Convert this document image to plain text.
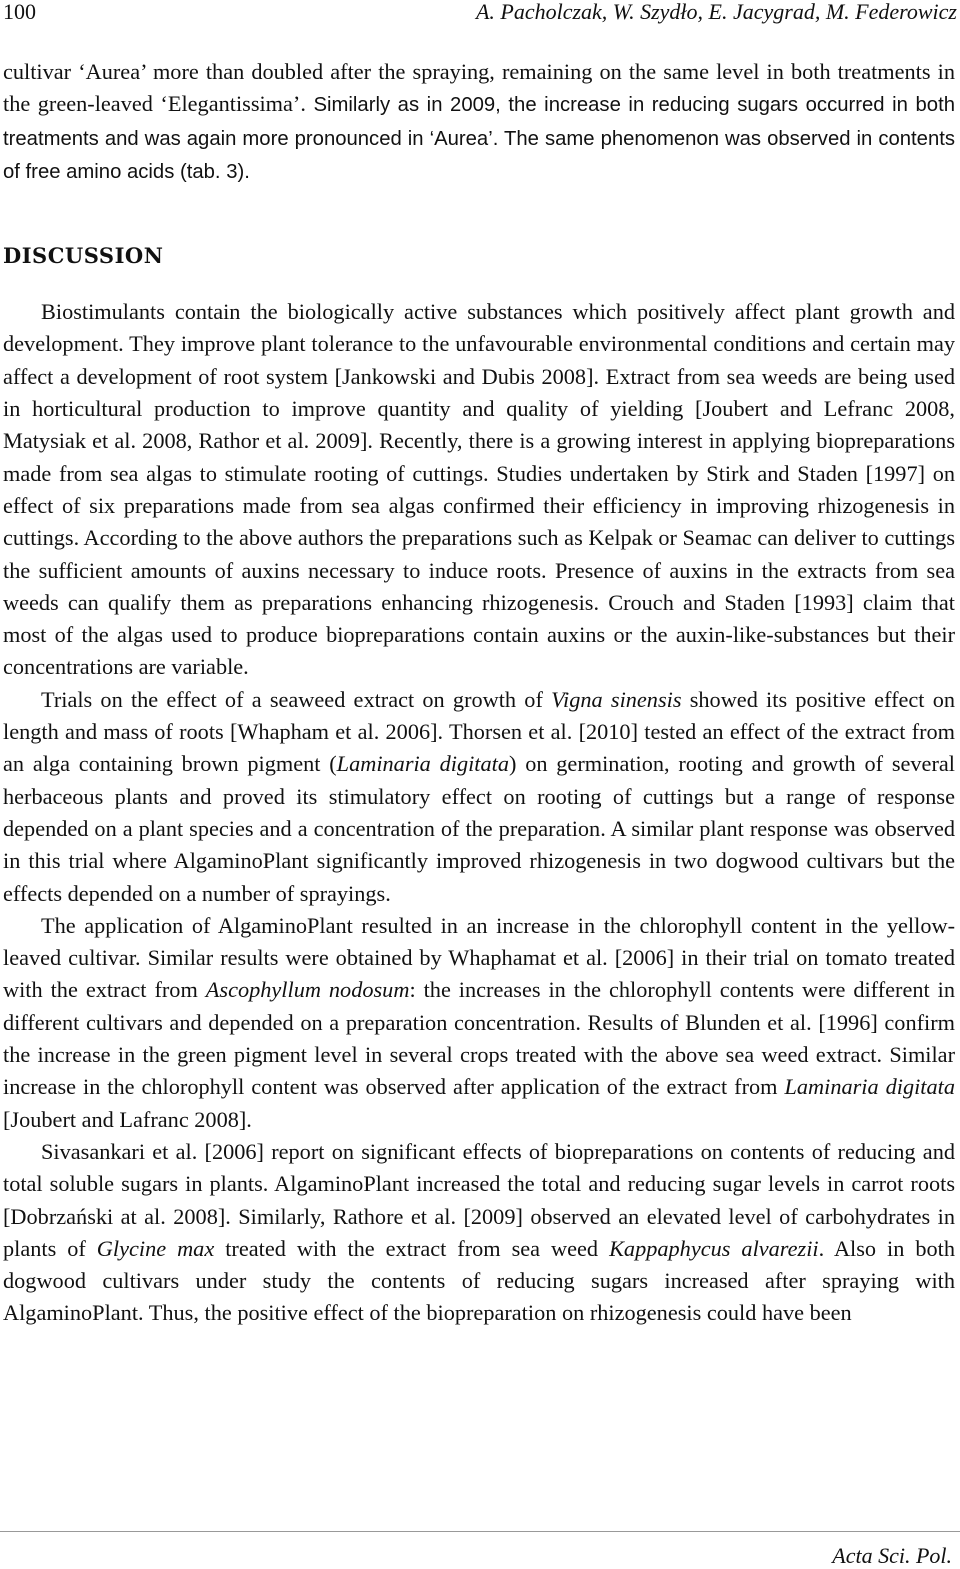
100	A. Pacholczak, W. Szydło, E. Jacygrad, M. Federowicz

cultivar ‘Aurea’ more than doubled after the spraying, remaining on the same level in both treatments in the green-leaved ‘Elegantissima’. Similarly as in 2009, the increase in reducing sugars occurred in both treatments and was again more pronounced in ‘Aurea’. The same phenomenon was observed in contents of free amino acids (tab. 3).

DISCUSSION

Biostimulants contain the biologically active substances which positively affect plant growth and development. They improve plant tolerance to the unfavourable environmental conditions and certain may affect a development of root system [Jankowski and Dubis 2008]. Extract from sea weeds are being used in horticultural production to improve quantity and quality of yielding [Joubert and Lefranc 2008, Matysiak et al. 2008, Rathor et al. 2009]. Recently, there is a growing interest in applying biopreparations made from sea algas to stimulate rooting of cuttings. Studies undertaken by Stirk and Staden [1997] on effect of six preparations made from sea algas confirmed their efficiency in improving rhizogenesis in cuttings. According to the above authors the preparations such as Kelpak or Seamac can deliver to cuttings the sufficient amounts of auxins necessary to induce roots. Presence of auxins in the extracts from sea weeds can qualify them as preparations enhancing rhizogenesis. Crouch and Staden [1993] claim that most of the algas used to produce biopreparations contain auxins or the auxin-like-substances but their concentrations are variable.

Trials on the effect of a seaweed extract on growth of Vigna sinensis showed its positive effect on length and mass of roots [Whapham et al. 2006]. Thorsen et al. [2010] tested an effect of the extract from an alga containing brown pigment (Laminaria digitata) on germination, rooting and growth of several herbaceous plants and proved its stimulatory effect on rooting of cuttings but a range of response depended on a plant species and a concentration of the preparation. A similar plant response was observed in this trial where AlgaminoPlant significantly improved rhizogenesis in two dogwood cultivars but the effects depended on a number of sprayings.

The application of AlgaminoPlant resulted in an increase in the chlorophyll content in the yellow-leaved cultivar. Similar results were obtained by Whaphamat et al. [2006] in their trial on tomato treated with the extract from Ascophyllum nodosum: the increases in the chlorophyll contents were different in different cultivars and depended on a preparation concentration. Results of Blunden et al. [1996] confirm the increase in the green pigment level in several crops treated with the above sea weed extract. Similar increase in the chlorophyll content was observed after application of the extract from Laminaria digitata [Joubert and Lafranc 2008].

Sivasankari et al. [2006] report on significant effects of biopreparations on contents of reducing and total soluble sugars in plants. AlgaminoPlant increased the total and reducing sugar levels in carrot roots [Dobrzański at al. 2008]. Similarly, Rathore et al. [2009] observed an elevated level of carbohydrates in plants of Glycine max treated with the extract from sea weed Kappaphycus alvarezii. Also in both dogwood cultivars under study the contents of reducing sugars increased after spraying with AlgaminoPlant. Thus, the positive effect of the biopreparation on rhizogenesis could have been

Acta Sci. Pol.
